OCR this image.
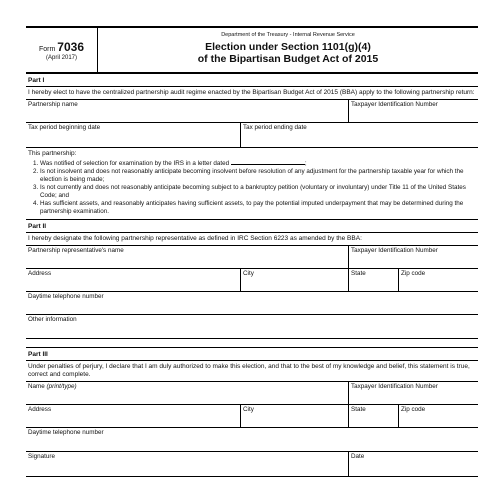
Form 7036
(April 2017)
Department of the Treasury - Internal Revenue Service
Election under Section 1101(g)(4)
of the Bipartisan Budget Act of 2015
Part I
I hereby elect to have the centralized partnership audit regime enacted by the Bipartisan Budget Act of 2015 (BBA) apply to the following partnership return:
Partnership name	Taxpayer Identification Number
Tax period beginning date	Tax period ending date
This partnership:
1. Was notified of selection for examination by the IRS in a letter dated	;
2. Is not insolvent and does not reasonably anticipate becoming insolvent before resolution of any adjustment for the partnership taxable year for which the election is being made;
3. Is not currently and does not reasonably anticipate becoming subject to a bankruptcy petition (voluntary or involuntary) under Title 11 of the United States Code; and
4. Has sufficient assets, and reasonably anticipates having sufficient assets, to pay the potential imputed underpayment that may be determined during the partnership examination.
Part II
I hereby designate the following partnership representative as defined in IRC Section 6223 as amended by the BBA:
Partnership representative's name	Taxpayer Identification Number
Address	City	State	Zip code
Daytime telephone number
Other information
Part III
Under penalties of perjury, I declare that I am duly authorized to make this election, and that to the best of my knowledge and belief, this statement is true, correct and complete.
Name (print/type)	Taxpayer Identification Number
Address	City	State	Zip code
Daytime telephone number
Signature	Date
